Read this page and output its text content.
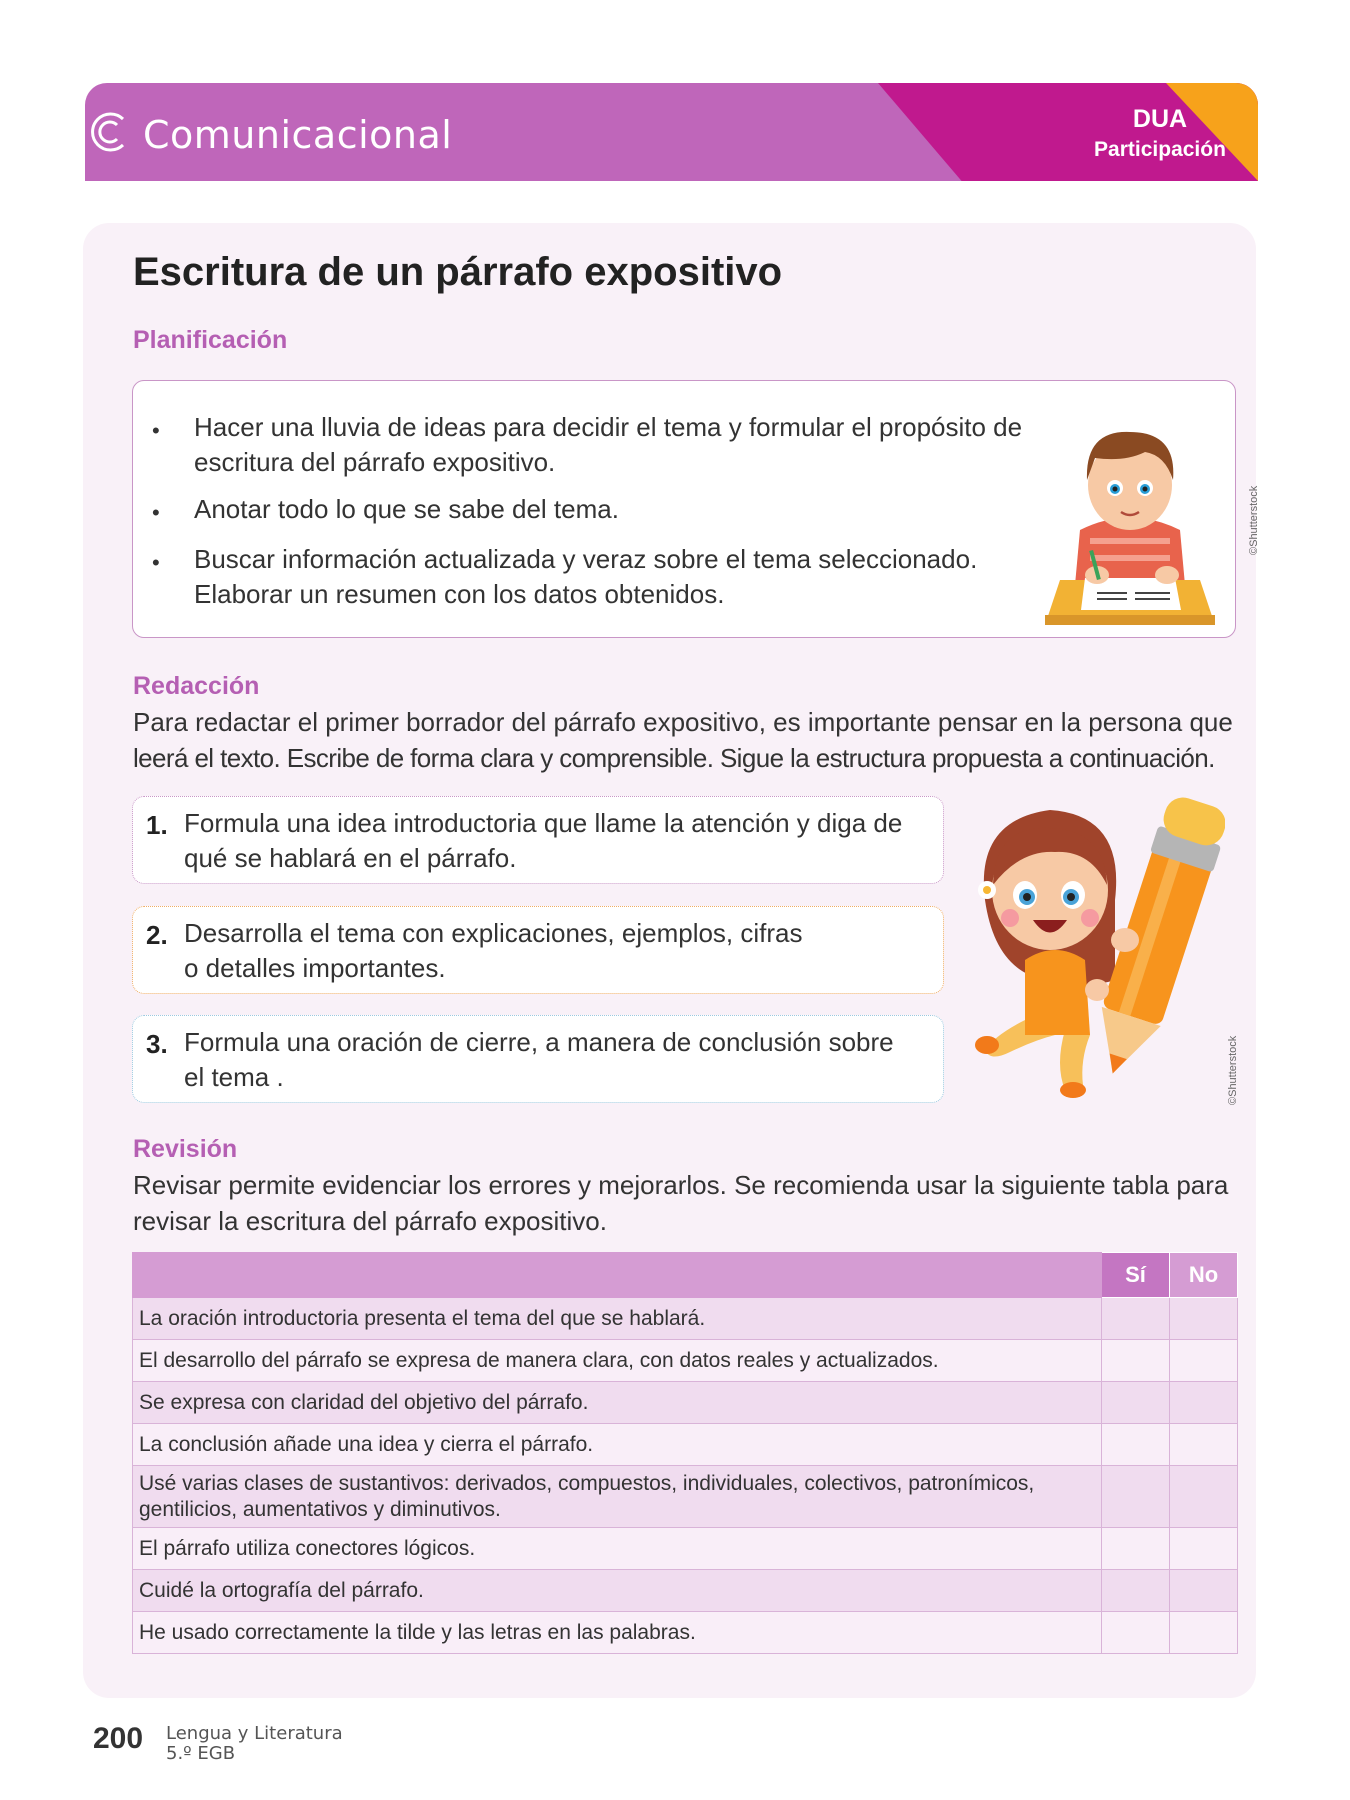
Comunicacional	DUA
Participación
Escritura de un párrafo expositivo
Planificación
• Hacer una lluvia de ideas para decidir el tema y formular el propósito de
escritura del párrafo expositivo.
• Anotar todo lo que se sabe del tema.
• Buscar información actualizada y veraz sobre el tema seleccionado.
Elaborar un resumen con los datos obtenidos.
©Shutterstock
Redacción
Para redactar el primer borrador del párrafo expositivo, es importante pensar en la persona que
leerá el texto. Escribe de forma clara y comprensible. Sigue la estructura propuesta a continuación.
1. Formula una idea introductoria que llame la atención y diga de
qué se hablará en el párrafo.
2. Desarrolla el tema con explicaciones, ejemplos, cifras
o detalles importantes.
3. Formula una oración de cierre, a manera de conclusión sobre
el tema .	©Shutterstock
Revisión
Revisar permite evidenciar los errores y mejorarlos. Se recomienda usar la siguiente tabla para
revisar la escritura del párrafo expositivo.
	Sí	No
La oración introductoria presenta el tema del que se hablará.		
El desarrollo del párrafo se expresa de manera clara, con datos reales y actualizados.		
Se expresa con claridad del objetivo del párrafo.		
La conclusión añade una idea y cierra el párrafo.		
Usé varias clases de sustantivos: derivados, compuestos, individuales, colectivos, patronímicos, gentilicios, aumentativos y diminutivos.		
El párrafo utiliza conectores lógicos.		
Cuidé la ortografía del párrafo.		
He usado correctamente la tilde y las letras en las palabras.		
200 Lengua y Literatura
5.º EGB
